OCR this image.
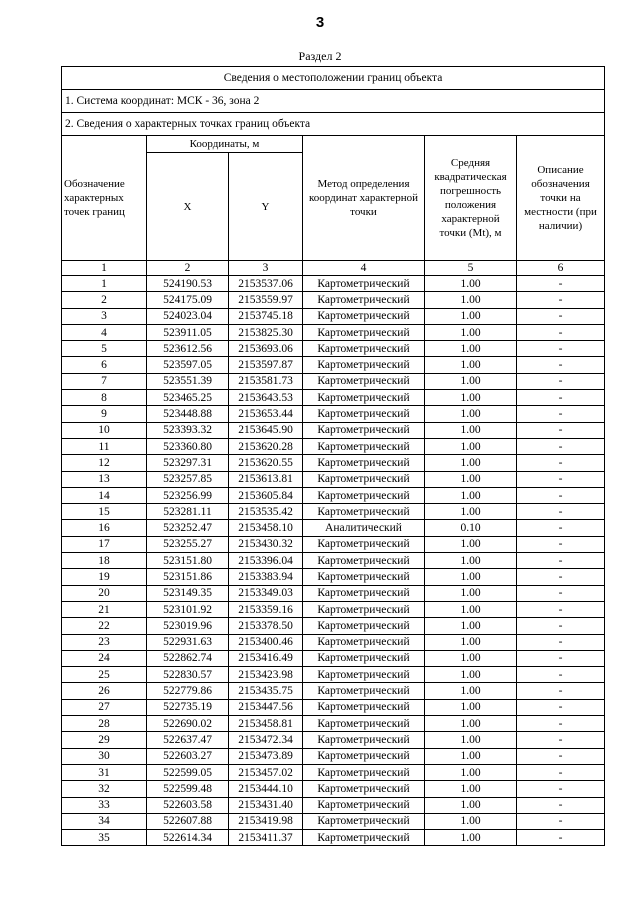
3
Раздел 2
Сведения о местоположении границ объекта					
1. Система координат: МСК - 36, зона 2					
2. Сведения о характерных точках границ объекта					
Обозначение характерных точек границ	Координаты, м		Метод определения координат характерной точки	Средняя квадратическая погрешность положения характерной точки (Mt), м	Описание обозначения точки на местности (при наличии)
	X	Y			
1	2	3	4	5	6
1	524190.53	2153537.06	Картометрический	1.00	-
2	524175.09	2153559.97	Картометрический	1.00	-
3	524023.04	2153745.18	Картометрический	1.00	-
4	523911.05	2153825.30	Картометрический	1.00	-
5	523612.56	2153693.06	Картометрический	1.00	-
6	523597.05	2153597.87	Картометрический	1.00	-
7	523551.39	2153581.73	Картометрический	1.00	-
8	523465.25	2153643.53	Картометрический	1.00	-
9	523448.88	2153653.44	Картометрический	1.00	-
10	523393.32	2153645.90	Картометрический	1.00	-
11	523360.80	2153620.28	Картометрический	1.00	-
12	523297.31	2153620.55	Картометрический	1.00	-
13	523257.85	2153613.81	Картометрический	1.00	-
14	523256.99	2153605.84	Картометрический	1.00	-
15	523281.11	2153535.42	Картометрический	1.00	-
16	523252.47	2153458.10	Аналитический	0.10	-
17	523255.27	2153430.32	Картометрический	1.00	-
18	523151.80	2153396.04	Картометрический	1.00	-
19	523151.86	2153383.94	Картометрический	1.00	-
20	523149.35	2153349.03	Картометрический	1.00	-
21	523101.92	2153359.16	Картометрический	1.00	-
22	523019.96	2153378.50	Картометрический	1.00	-
23	522931.63	2153400.46	Картометрический	1.00	-
24	522862.74	2153416.49	Картометрический	1.00	-
25	522830.57	2153423.98	Картометрический	1.00	-
26	522779.86	2153435.75	Картометрический	1.00	-
27	522735.19	2153447.56	Картометрический	1.00	-
28	522690.02	2153458.81	Картометрический	1.00	-
29	522637.47	2153472.34	Картометрический	1.00	-
30	522603.27	2153473.89	Картометрический	1.00	-
31	522599.05	2153457.02	Картометрический	1.00	-
32	522599.48	2153444.10	Картометрический	1.00	-
33	522603.58	2153431.40	Картометрический	1.00	-
34	522607.88	2153419.98	Картометрический	1.00	-
35	522614.34	2153411.37	Картометрический	1.00	-
